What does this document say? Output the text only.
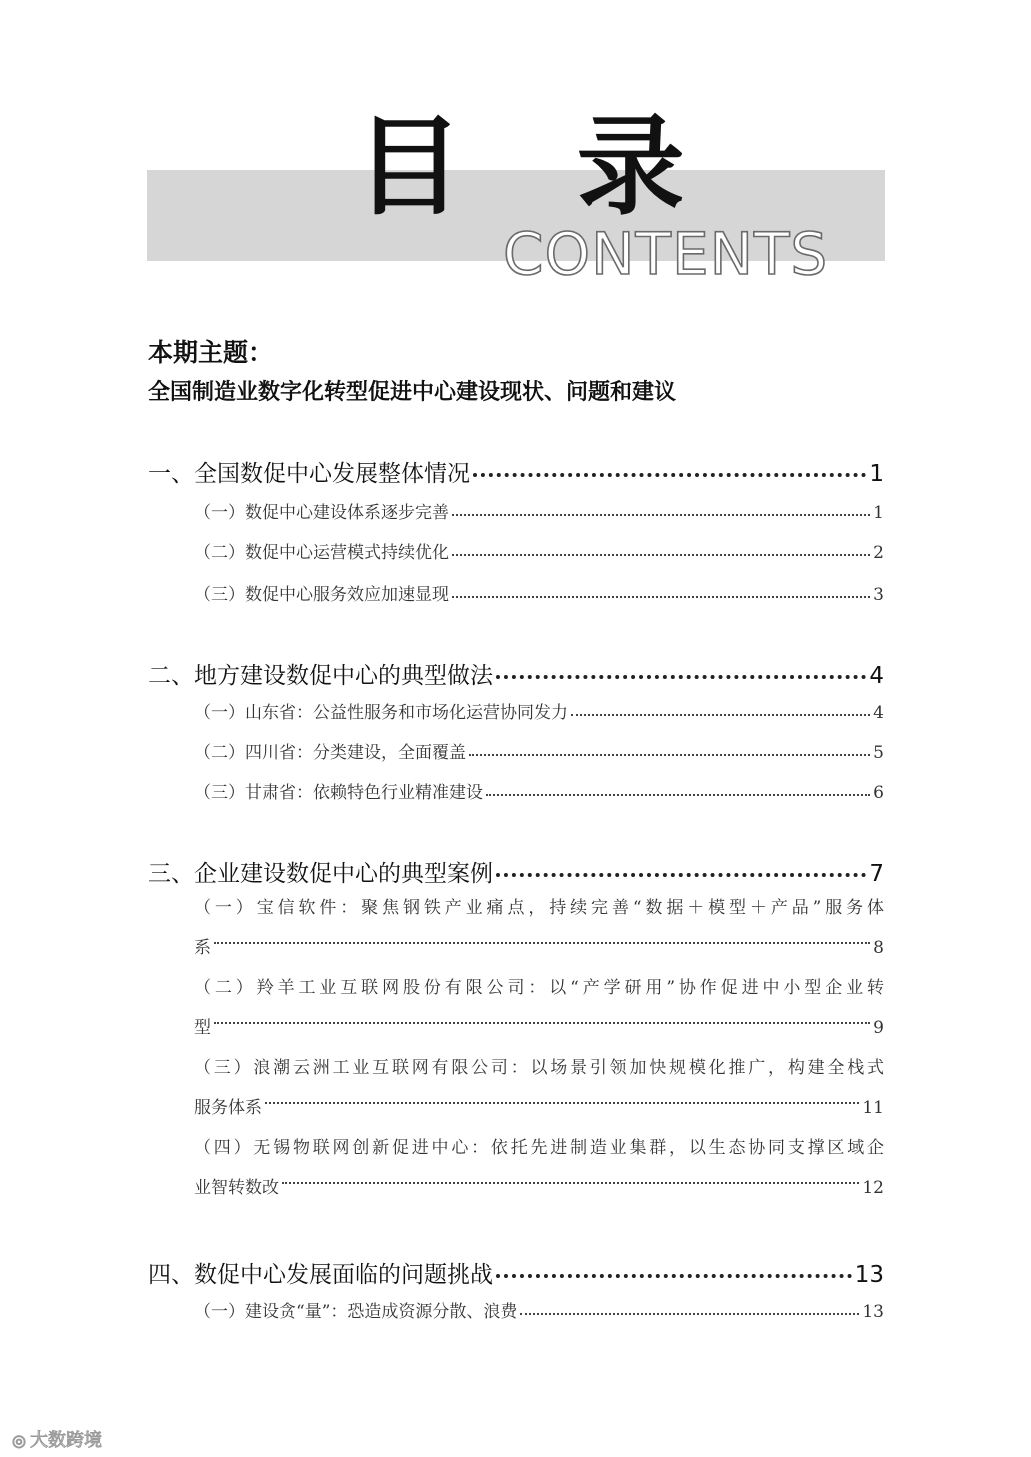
目 录
CONTENTS
本期主题：
全国制造业数字化转型促进中心建设现状、问题和建议
一、全国数促中心发展整体情况	1
（一）数促中心建设体系逐步完善	1
（二）数促中心运营模式持续优化	2
（三）数促中心服务效应加速显现	3
二、地方建设数促中心的典型做法	4
（一）山东省：公益性服务和市场化运营协同发力	4
（二）四川省：分类建设，全面覆盖	5
（三）甘肃省：依赖特色行业精准建设	6
三、企业建设数促中心的典型案例	7
（一）宝信软件：聚焦钢铁产业痛点，持续完善“数据＋模型＋产品”服务体
系	8
（二）羚羊工业互联网股份有限公司：以“产学研用”协作促进中小型企业转
型	9
（三）浪潮云洲工业互联网有限公司：以场景引领加快规模化推广，构建全栈式
服务体系	11
（四）无锡物联网创新促进中心：依托先进制造业集群，以生态协同支撑区域企
业智转数改	12
四、数促中心发展面临的问题挑战	13
（一）建设贪“量”：恐造成资源分散、浪费	13
◎ 大数跨境
